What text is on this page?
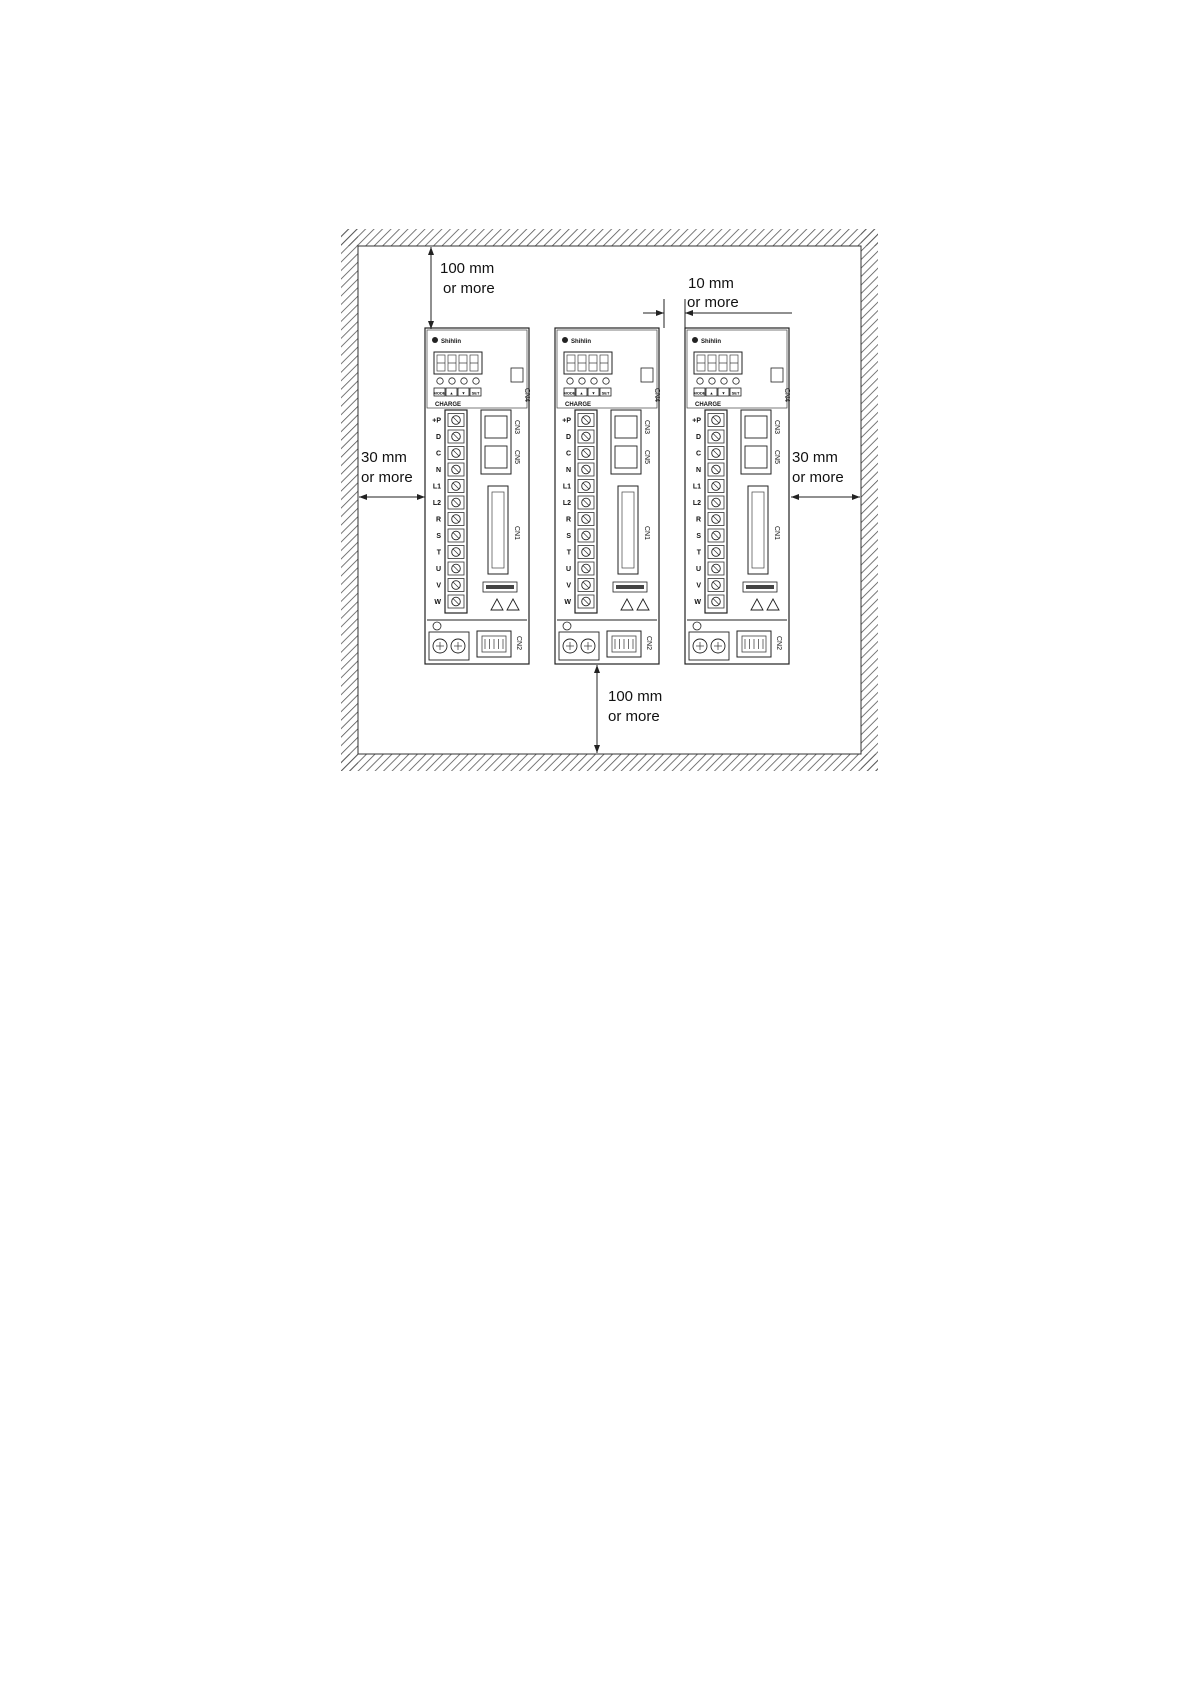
Shihlin
MODE ▲ ▼ SET	CN4
CHARGE
+P
D
C
N
L1
L2
R
S
T
U
V
W
CN3
CN5
CN1
CN2
Shihlin
MODE ▲ ▼ SET	CN4
CHARGE
+P
D
C
N
L1
L2
R
S
T
U
V
W
CN3
CN5
CN1
CN2
Shihlin
MODE ▲ ▼ SET	CN4
CHARGE
+P
D
C
N
L1
L2
R
S
T
U
V
W
CN3
CN5
CN1
CN2
100 mm
or more	10 mm
or more
30 mm
or more
30 mm
or more
100 mm
or more
